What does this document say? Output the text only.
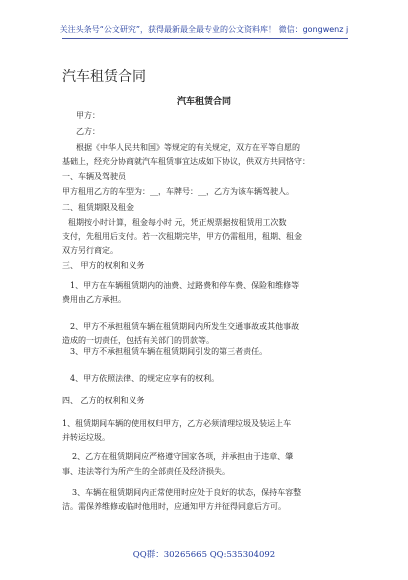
关注头条号“公文研究”，获得最新最全最专业的公文资料库！ 微信：gongwenz j
汽车租赁合同
汽车租赁合同
甲方：
乙方：
根据《中华人民共和国》等规定的有关规定，双方在平等自愿的
基础上，经充分协商就汽车租赁事宜达成如下协议，供双方共同恪守：
一、车辆及驾驶员
甲方租用乙方的车型为：__，车牌号：__，乙方为该车辆驾驶人。
二、租赁期限及租金
租期按小时计算，租金每小时 元，凭正规票据按租赁用工次数
支付，先租用后支付。若一次租期完毕，甲方仍需租用，租期、租金
双方另行商定。
三、 甲方的权利和义务
1、甲方在车辆租赁期内的油费、过路费和停车费、保险和维修等
费用由乙方承担。
2、甲方不承担租赁车辆在租赁期间内所发生交通事故或其他事故
造成的一切责任，包括有关部门的罚款等。
3、甲方不承担租赁车辆在租赁期间引发的第三者责任。
4、甲方依照法律、的规定应享有的权利。
四、 乙方的权利和义务
1、租赁期间车辆的使用权归甲方，乙方必须清理垃圾及装运上车
并转运垃圾。
2、乙方在租赁期间应严格遵守国家各项，并承担由于违章、肇
事、违法等行为所产生的全部责任及经济损失。
3、车辆在租赁期间内正常使用时应处于良好的状态，保持车容整
洁。需保养维修或临时他用时，应通知甲方并征得同意后方可。
QQ群：30265665 QQ:535304092
